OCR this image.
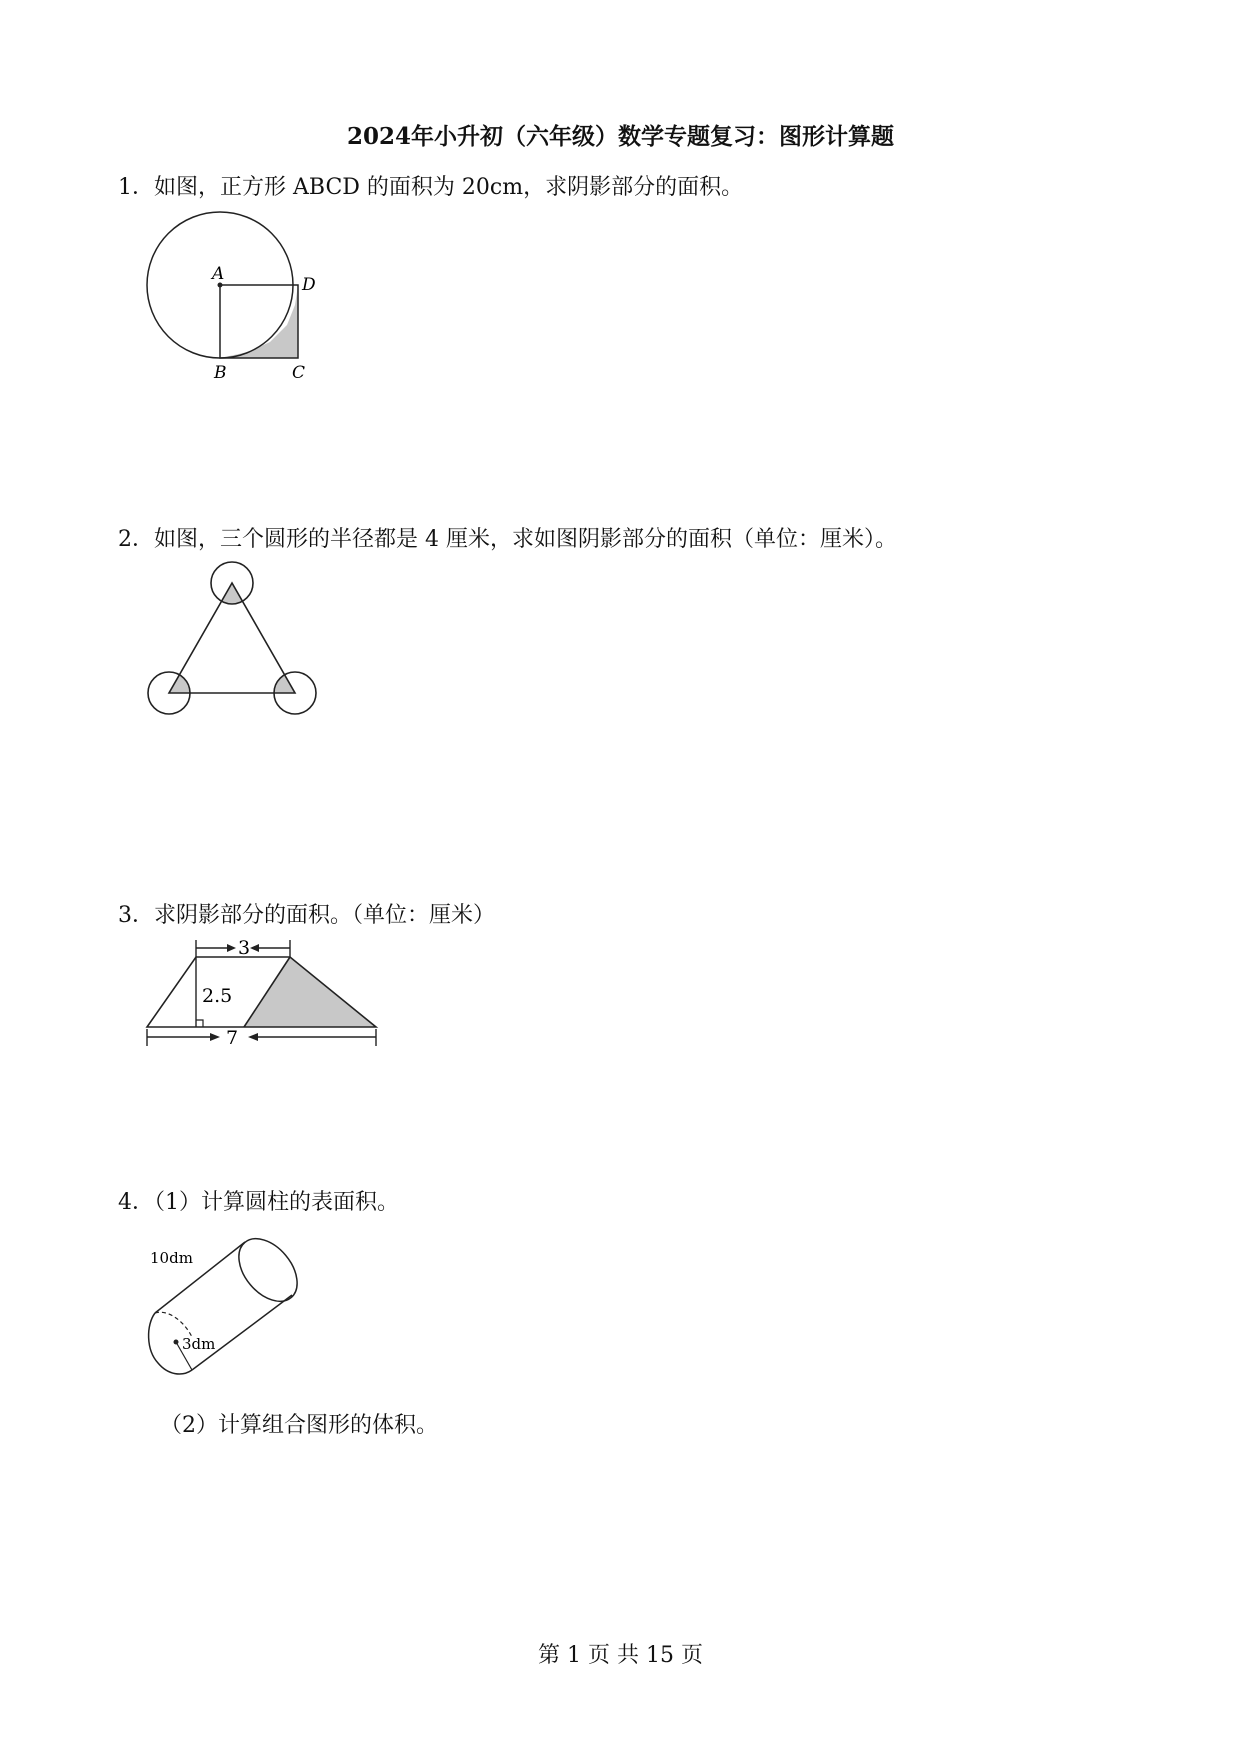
2024年小升初（六年级）数学专题复习：图形计算题
1．如图，正方形 ABCD 的面积为 20cm，求阴影部分的面积。
A
D
B	C
2．如图，三个圆形的半径都是 4 厘米，求如图阴影部分的面积（单位：厘米）。
3．求阴影部分的面积。（单位：厘米）
3
2.5
7
4．（1）计算圆柱的表面积。
10dm
3dm
（2）计算组合图形的体积。
第 1 页 共 15 页
